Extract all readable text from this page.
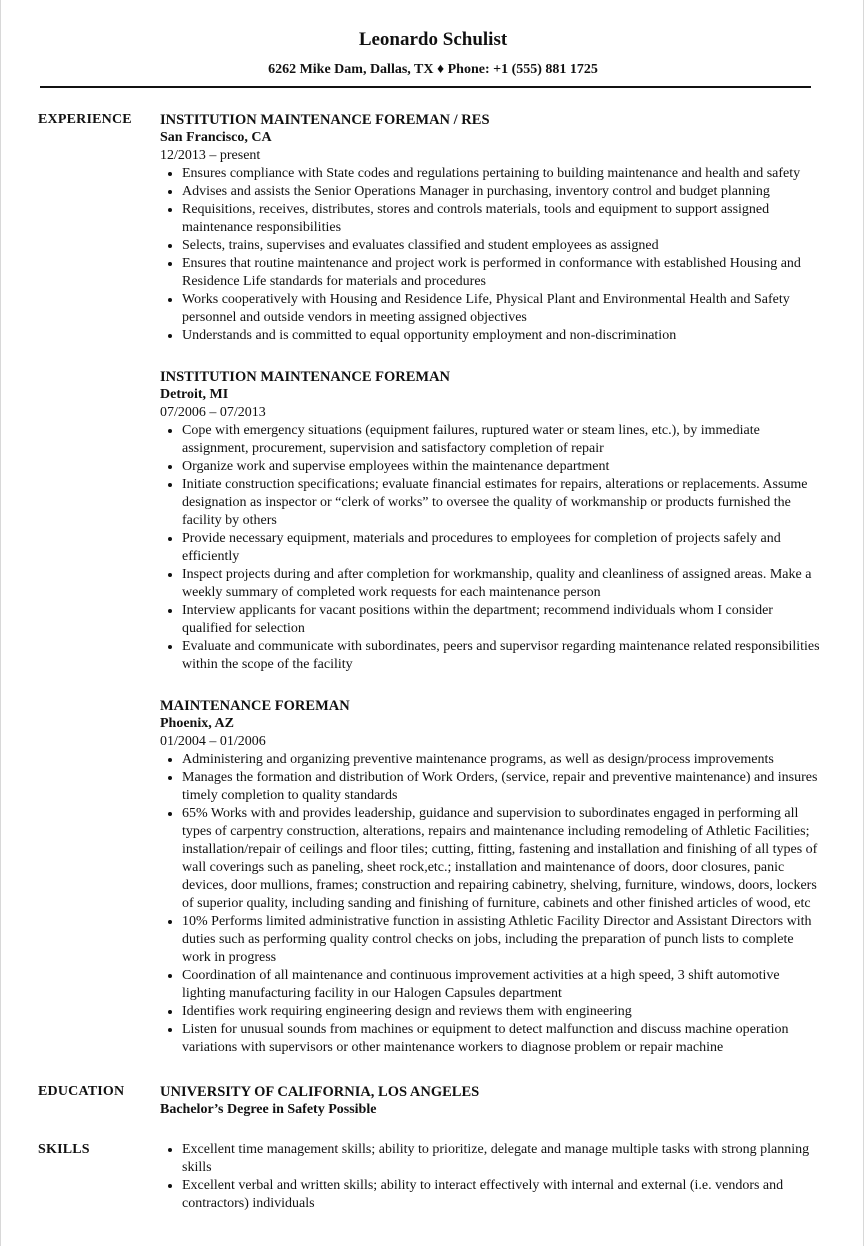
Leonardo Schulist
6262 Mike Dam, Dallas, TX ♦ Phone: +1 (555) 881 1725
EXPERIENCE	INSTITUTION MAINTENANCE FOREMAN / RES
San Francisco, CA
12/2013 – present
• Ensures compliance with State codes and regulations pertaining to building maintenance and health and safety
• Advises and assists the Senior Operations Manager in purchasing, inventory control and budget planning
• Requisitions, receives, distributes, stores and controls materials, tools and equipment to support assigned maintenance responsibilities
• Selects, trains, supervises and evaluates classified and student employees as assigned
• Ensures that routine maintenance and project work is performed in conformance with established Housing and Residence Life standards for materials and procedures
• Works cooperatively with Housing and Residence Life, Physical Plant and Environmental Health and Safety personnel and outside vendors in meeting assigned objectives
• Understands and is committed to equal opportunity employment and non-discrimination
INSTITUTION MAINTENANCE FOREMAN
Detroit, MI
07/2006 – 07/2013
• Cope with emergency situations (equipment failures, ruptured water or steam lines, etc.), by immediate assignment, procurement, supervision and satisfactory completion of repair
• Organize work and supervise employees within the maintenance department
• Initiate construction specifications; evaluate financial estimates for repairs, alterations or replacements. Assume designation as inspector or “clerk of works” to oversee the quality of workmanship or products furnished the facility by others
• Provide necessary equipment, materials and procedures to employees for completion of projects safely and efficiently
• Inspect projects during and after completion for workmanship, quality and cleanliness of assigned areas. Make a weekly summary of completed work requests for each maintenance person
• Interview applicants for vacant positions within the department; recommend individuals whom I consider qualified for selection
• Evaluate and communicate with subordinates, peers and supervisor regarding maintenance related responsibilities within the scope of the facility
MAINTENANCE FOREMAN
Phoenix, AZ
01/2004 – 01/2006
• Administering and organizing preventive maintenance programs, as well as design/process improvements
• Manages the formation and distribution of Work Orders, (service, repair and preventive maintenance) and insures timely completion to quality standards
• 65% Works with and provides leadership, guidance and supervision to subordinates engaged in performing all types of carpentry construction, alterations, repairs and maintenance including remodeling of Athletic Facilities; installation/repair of ceilings and floor tiles; cutting, fitting, fastening and installation and finishing of all types of wall coverings such as paneling, sheet rock,etc.; installation and maintenance of doors, door closures, panic devices, door mullions, frames; construction and repairing cabinetry, shelving, furniture, windows, doors, lockers of superior quality, including sanding and finishing of furniture, cabinets and other finished articles of wood, etc
• 10% Performs limited administrative function in assisting Athletic Facility Director and Assistant Directors with duties such as performing quality control checks on jobs, including the preparation of punch lists to complete work in progress
• Coordination of all maintenance and continuous improvement activities at a high speed, 3 shift automotive lighting manufacturing facility in our Halogen Capsules department
• Identifies work requiring engineering design and reviews them with engineering
• Listen for unusual sounds from machines or equipment to detect malfunction and discuss machine operation variations with supervisors or other maintenance workers to diagnose problem or repair machine
EDUCATION	UNIVERSITY OF CALIFORNIA, LOS ANGELES
Bachelor’s Degree in Safety Possible
SKILLS
•	Excellent time management skills; ability to prioritize, delegate and manage multiple tasks with strong planning skills
• Excellent verbal and written skills; ability to interact effectively with internal and external (i.e. vendors and contractors) individuals
